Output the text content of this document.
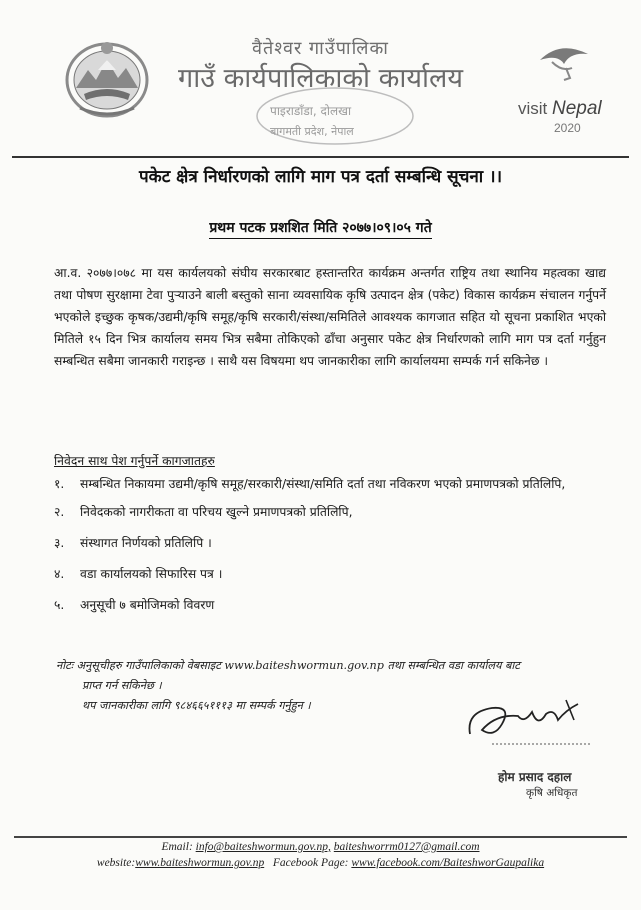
वैतेश्वर गाउँपालिका
गाउँ कार्यपालिकाको कार्यालय
पाइराडाँडा, दोलखा
बागमती प्रदेश, नेपाल
visit Nepal
2020
पकेट क्षेत्र निर्धारणको लागि माग पत्र दर्ता सम्बन्धि सूचना ।।
प्रथम पटक प्रशशित मिति २०७७।०९।०५ गते
आ.व. २०७७।०७८ मा यस कार्यलयको संघीय सरकारबाट हस्तान्तरित कार्यक्रम अन्तर्गत राष्ट्रिय तथा स्थानिय महत्वका खाद्य तथा पोषण सुरक्षामा टेवा पुर्‍याउने बाली बस्तुको साना व्यवसायिक कृषि उत्पादन क्षेत्र (पकेट) विकास कार्यक्रम संचालन गर्नुपर्ने भएकोले इच्छुक कृषक/उद्यमी/कृषि समूह/कृषि सरकारी/संस्था/समितिले आवश्यक कागजात सहित यो सूचना प्रकाशित भएको मितिले १५ दिन भित्र कार्यालय समय भित्र सबैमा तोकिएको ढाँचा अनुसार पकेट क्षेत्र निर्धारणको लागि माग पत्र दर्ता गर्नुहुन सम्बन्धित सबैमा जानकारी गराइन्छ । साथै यस विषयमा थप जानकारीका लागि कार्यालयमा सम्पर्क गर्न सकिनेछ ।
निवेदन साथ पेश गर्नुपर्ने कागजातहरु
१.	सम्बन्धित निकायमा उद्यमी/कृषि समूह/सरकारी/संस्था/समिति दर्ता तथा नविकरण भएको प्रमाणपत्रको प्रतिलिपि,
२.	निवेदकको नागरीकता वा परिचय खुल्ने प्रमाणपत्रको प्रतिलिपि,
३.	संस्थागत निर्णयको प्रतिलिपि ।
४.	वडा कार्यालयको सिफारिस पत्र ।
५.	अनुसूची ७ बमोजिमको विवरण
नोटः अनुसूचीहरु गाउँपालिकाको वेबसाइट www.baiteshwormun.gov.np तथा सम्बन्धित वडा कार्यालय बाट
प्राप्त गर्न सकिनेछ ।
थप जानकारीका लागि ९८४६६५१११३ मा सम्पर्क गर्नुहुन ।
होम प्रसाद दहाल
कृषि अधिकृत
Email: info@baiteshwormun.gov.np, baiteshworrm0127@gmail.com
website:www.baiteshwormun.gov.np Facebook Page: www.facebook.com/BaiteshworGaupalika
